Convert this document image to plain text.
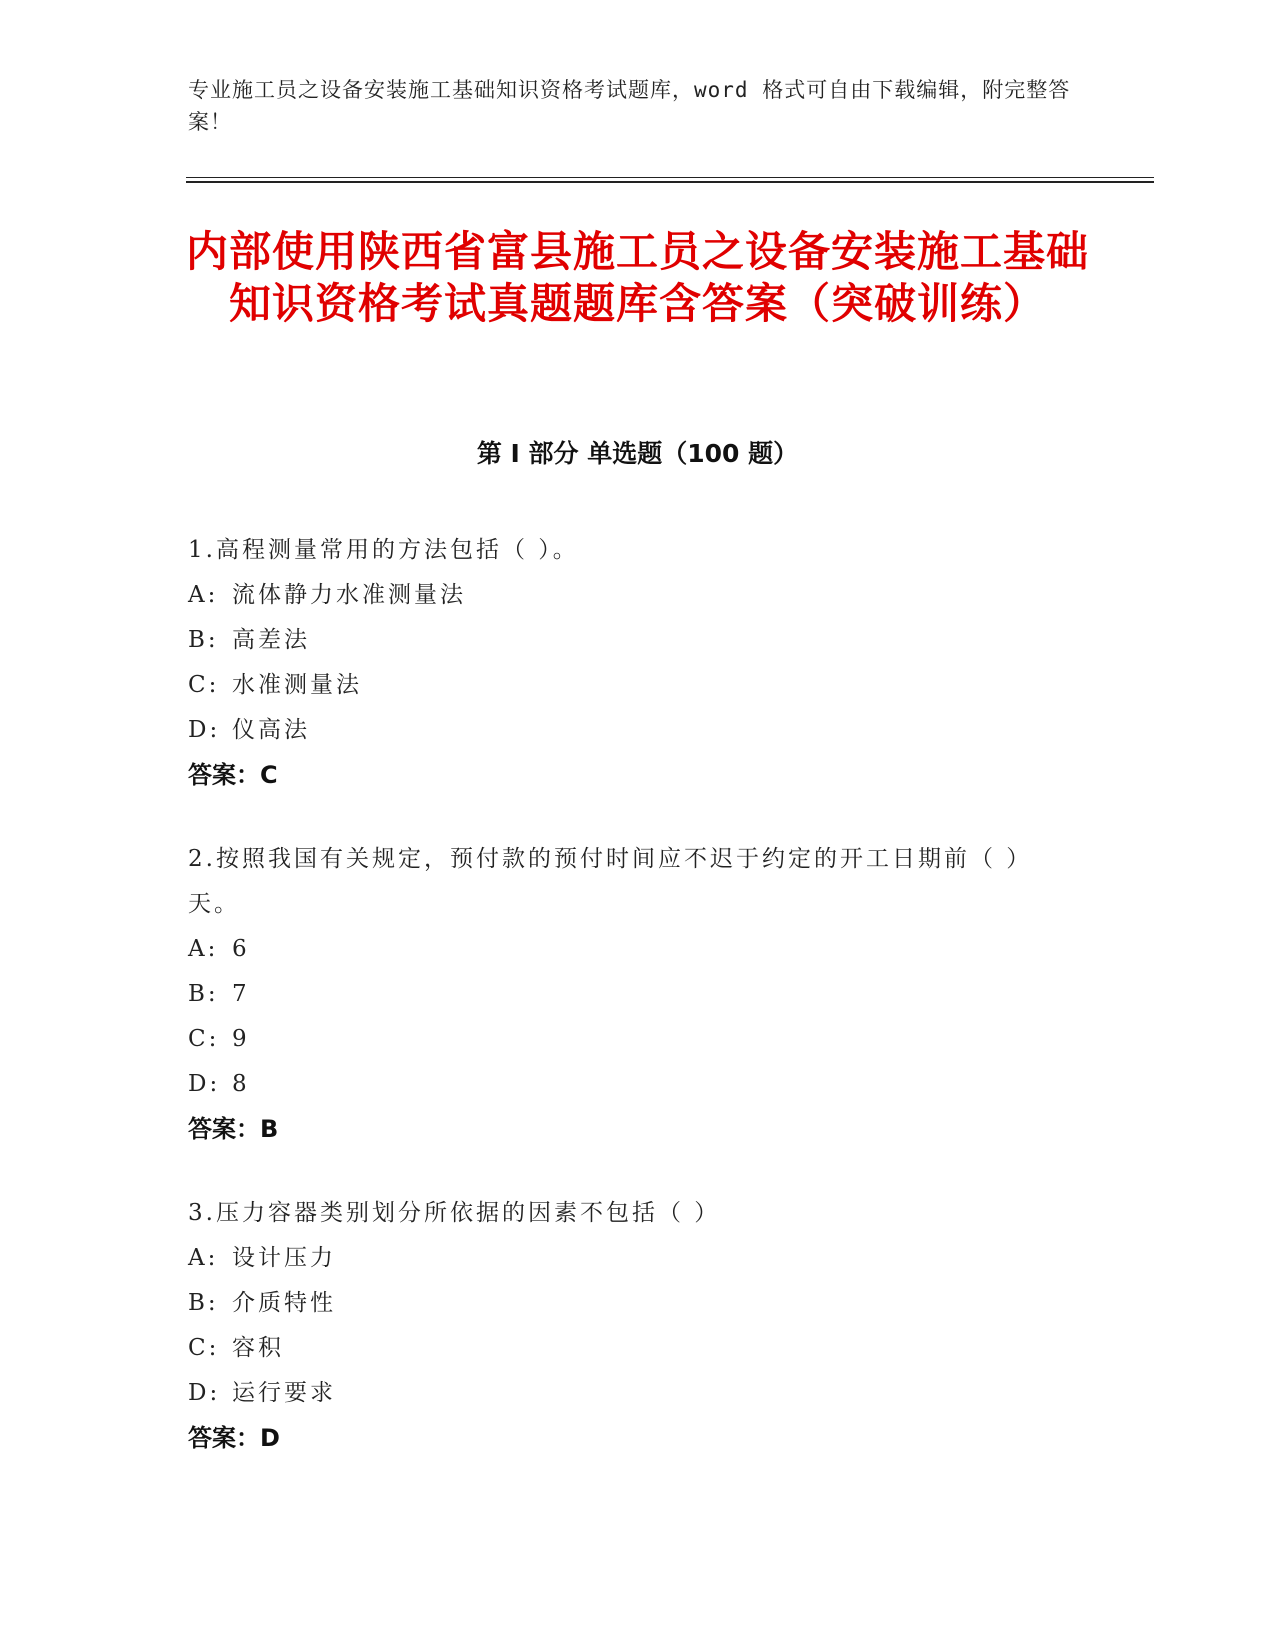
专业施工员之设备安装施工基础知识资格考试题库，word 格式可自由下载编辑，附完整答案！
内部使用陕西省富县施工员之设备安装施工基础知识资格考试真题题库含答案（突破训练）
第 I 部分 单选题（100 题）
1.高程测量常用的方法包括（ ）。
A: 流体静力水准测量法
B: 高差法
C: 水准测量法
D: 仪高法
答案：C
2.按照我国有关规定，预付款的预付时间应不迟于约定的开工日期前（ ）天。
A: 6
B: 7
C: 9
D: 8
答案：B
3.压力容器类别划分所依据的因素不包括（ ）
A: 设计压力
B: 介质特性
C: 容积
D: 运行要求
答案：D
